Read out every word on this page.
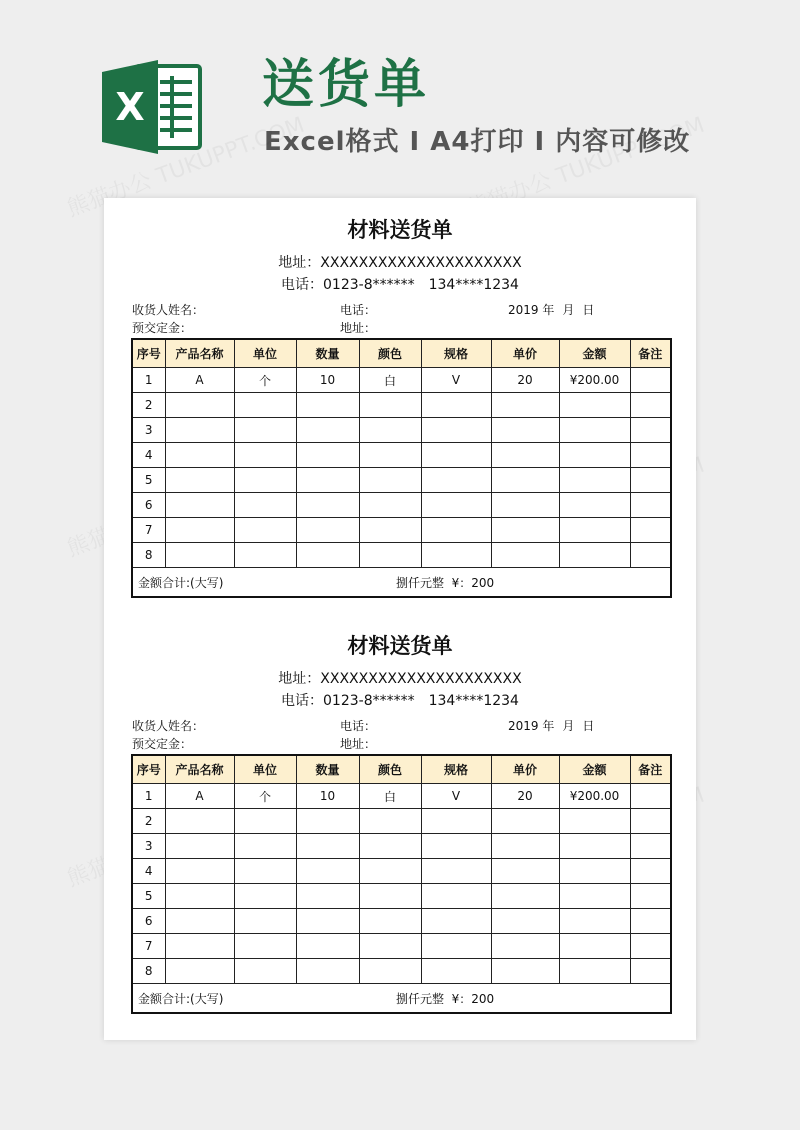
X 送货单

Excel格式 I A4打印 I 内容可修改

材料送货单
地址：XXXXXXXXXXXXXXXXXXXXX
电话：0123-8****** 134****1234
收货人姓名：	电话：	2019 年 月 日
预交定金：	地址：
序号	产品名称	单位	数量	颜色	规格	单价	金额	备注
1	A	个	10	白	V	20	¥200.00	
2								
3								
4								
5								
6								
7								
8								

金额合计:(大写) 捌仟元整 ¥：200								
材料送货单
地址：XXXXXXXXXXXXXXXXXXXXX
电话：0123-8****** 134****1234
收货人姓名：	电话：	2019 年 月 日
预交定金：	地址：
序号	产品名称	单位	数量	颜色	规格	单价	金额	备注
1	A	个	10	白	V	20	¥200.00	
2								
3								
4								
5								
6								
7								
8								

金额合计:(大写) 捌仟元整 ¥：200								
